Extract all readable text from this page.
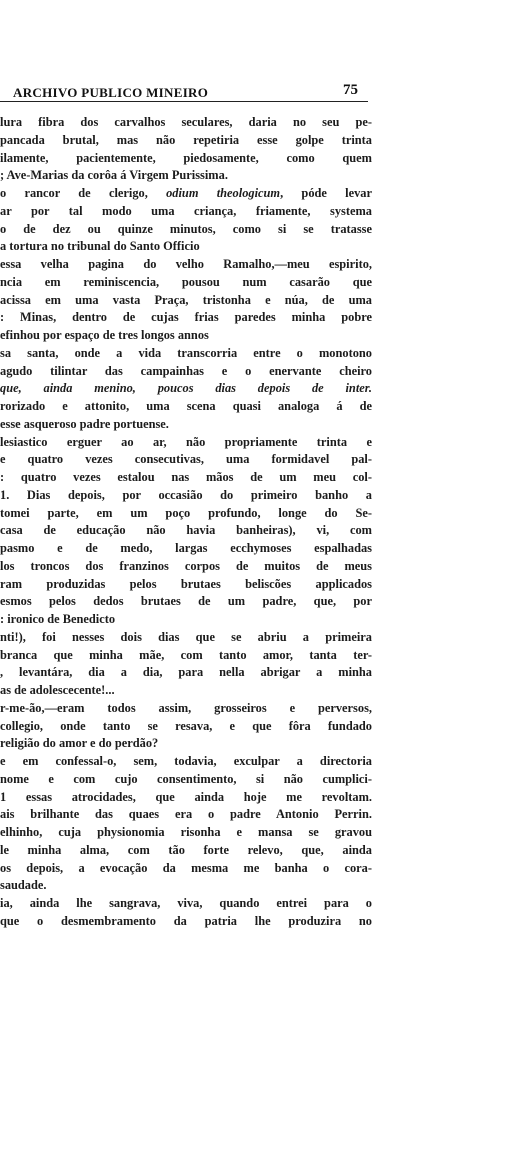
ARCHIVO PUBLICO MINEIRO	75
lura fibra dos carvalhos seculares, daria no seu pe-
pancada brutal, mas não repetiria esse golpe trinta
ilamente, pacientemente, piedosamente, como quem
; Ave-Marias da corôa á Virgem Purissima.
o rancor de clerigo, odium theologicum, póde levar
ar por tal modo uma criança, friamente, systema
o de dez ou quinze minutos, como si se tratasse
a tortura no tribunal do Santo Officio
essa velha pagina do velho Ramalho,—meu espirito,
ncia em reminiscencia, pousou num casarão que
acissa em uma vasta Praça, tristonha e núa, de uma
: Minas, dentro de cujas frias paredes minha pobre
efinhou por espaço de tres longos annos
sa santa, onde a vida transcorria entre o monotono
agudo tilintar das campainhas e o enervante cheiro
que, ainda menino, poucos dias depois de inter.
rorizado e attonito, uma scena quasi analoga á de
esse asqueroso padre portuense.
lesiastico erguer ao ar, não propriamente trinta e
e quatro vezes consecutivas, uma formidavel pal-
: quatro vezes estalou nas mãos de um meu col-
1. Dias depois, por occasião do primeiro banho a
tomei parte, em um poço profundo, longe do Se-
casa de educação não havia banheiras), vi, com
pasmo e de medo, largas ecchymoses espalhadas
los troncos dos franzinos corpos de muitos de meus
ram produzidas pelos brutaes beliscões applicados
esmos pelos dedos brutaes de um padre, que, por
: ironico de Benedicto
nti!), foi nesses dois dias que se abriu a primeira
branca que minha mãe, com tanto amor, tanta ter-
, levantára, dia a dia, para nella abrigar a minha
as de adolescecente!...
r-me-ão,—eram todos assim, grosseiros e perversos,
collegio, onde tanto se resava, e que fôra fundado
religião do amor e do perdão?
e em confessal-o, sem, todavia, exculpar a directoria
nome e com cujo consentimento, si não cumplici-
1 essas atrocidades, que ainda hoje me revoltam.
ais brilhante das quaes era o padre Antonio Perrin.
elhinho, cuja physionomia risonha e mansa se gravou
le minha alma, com tão forte relevo, que, ainda
os depois, a evocação da mesma me banha o cora-
saudade.
ia, ainda lhe sangrava, viva, quando entrei para o
que o desmembramento da patria lhe produzira no
